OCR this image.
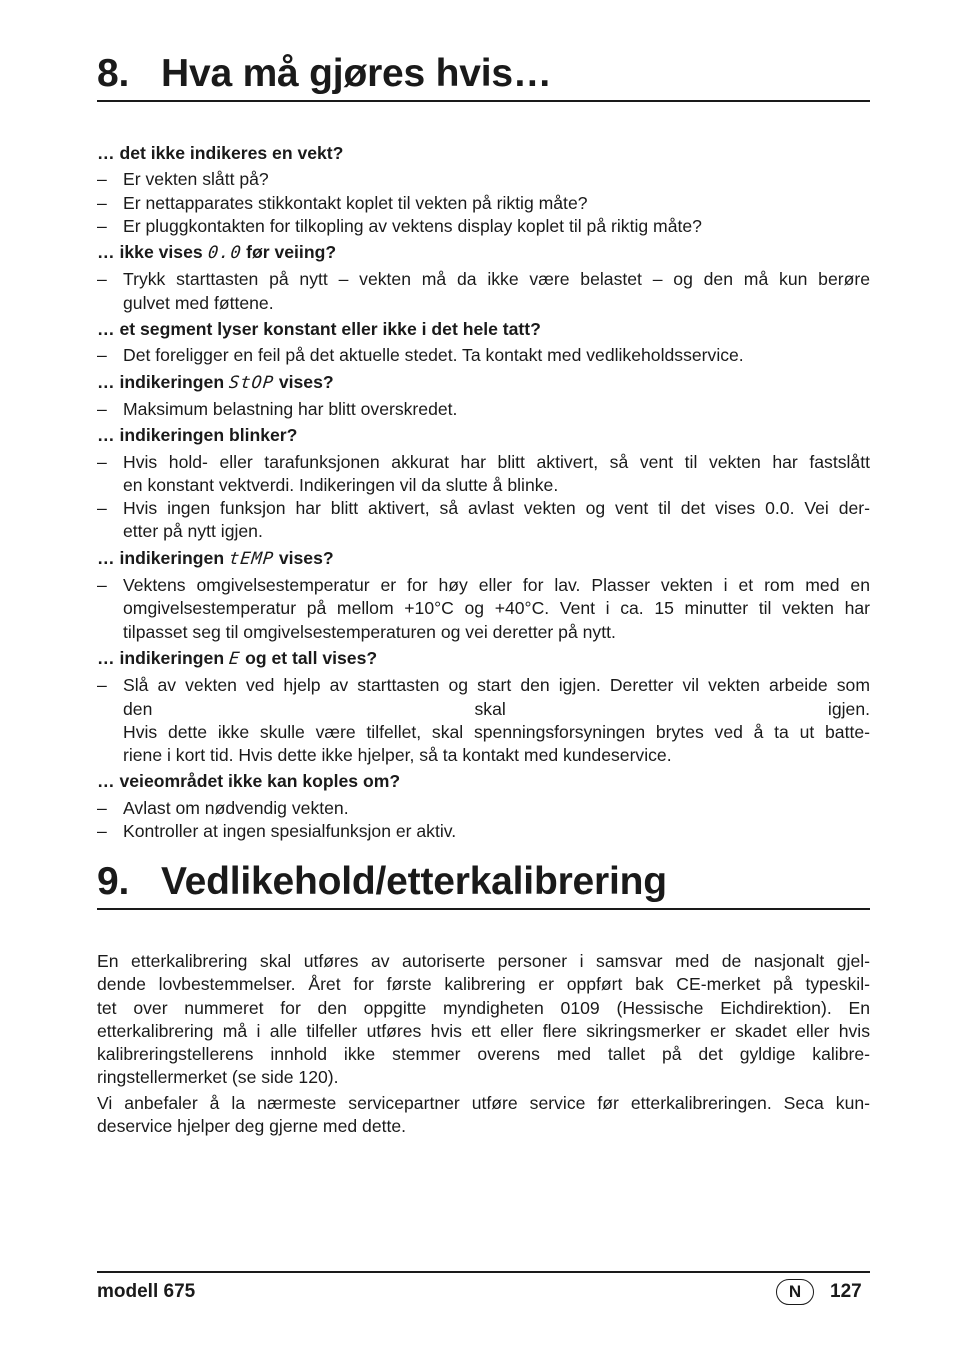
8. Hva må gjøres hvis…
… det ikke indikeres en vekt?
– Er vekten slått på?
– Er nettapparates stikkontakt koplet til vekten på riktig måte?
– Er pluggkontakten for tilkopling av vektens display koplet til på riktig måte?
… ikke vises 0.0 før veiing?
– Trykk starttasten på nytt – vekten må da ikke være belastet – og den må kun berøre
gulvet med føttene.
… et segment lyser konstant eller ikke i det hele tatt?
– Det foreligger en feil på det aktuelle stedet. Ta kontakt med vedlikeholdsservice.
… indikeringen StOP vises?
– Maksimum belastning har blitt overskredet.
… indikeringen blinker?
– Hvis hold- eller tarafunksjonen akkurat har blitt aktivert, så vent til vekten har fastslått
en konstant vektverdi. Indikeringen vil da slutte å blinke.
– Hvis ingen funksjon har blitt aktivert, så avlast vekten og vent til det vises 0.0. Vei der-
etter på nytt igjen.
… indikeringen tEMP vises?
– Vektens omgivelsestemperatur er for høy eller for lav. Plasser vekten i et rom med en
omgivelsestemperatur på mellom +10°C og +40°C. Vent i ca. 15 minutter til vekten har
tilpasset seg til omgivelsestemperaturen og vei deretter på nytt.
… indikeringen E og et tall vises?
– Slå av vekten ved hjelp av starttasten og start den igjen. Deretter vil vekten arbeide som
den skal igjen.
Hvis dette ikke skulle være tilfellet, skal spenningsforsyningen brytes ved å ta ut batte-
riene i kort tid. Hvis dette ikke hjelper, så ta kontakt med kundeservice.
… veieområdet ikke kan koples om?
– Avlast om nødvendig vekten.
– Kontroller at ingen spesialfunksjon er aktiv.
9. Vedlikehold/etterkalibrering
En etterkalibrering skal utføres av autoriserte personer i samsvar med de nasjonalt gjel-
dende lovbestemmelser. Året for første kalibrering er oppført bak CE-merket på typeskil-
tet over nummeret for den oppgitte myndigheten 0109 (Hessische Eichdirektion). En
etterkalibrering må i alle tilfeller utføres hvis ett eller flere sikringsmerker er skadet eller hvis
kalibreringstellerens innhold ikke stemmer overens med tallet på det gyldige kalibre-
ringstellermerket (se side 120).
Vi anbefaler å la nærmeste servicepartner utføre service før etterkalibreringen. Seca kun-
deservice hjelper deg gjerne med dette.
modell 675	N	127
